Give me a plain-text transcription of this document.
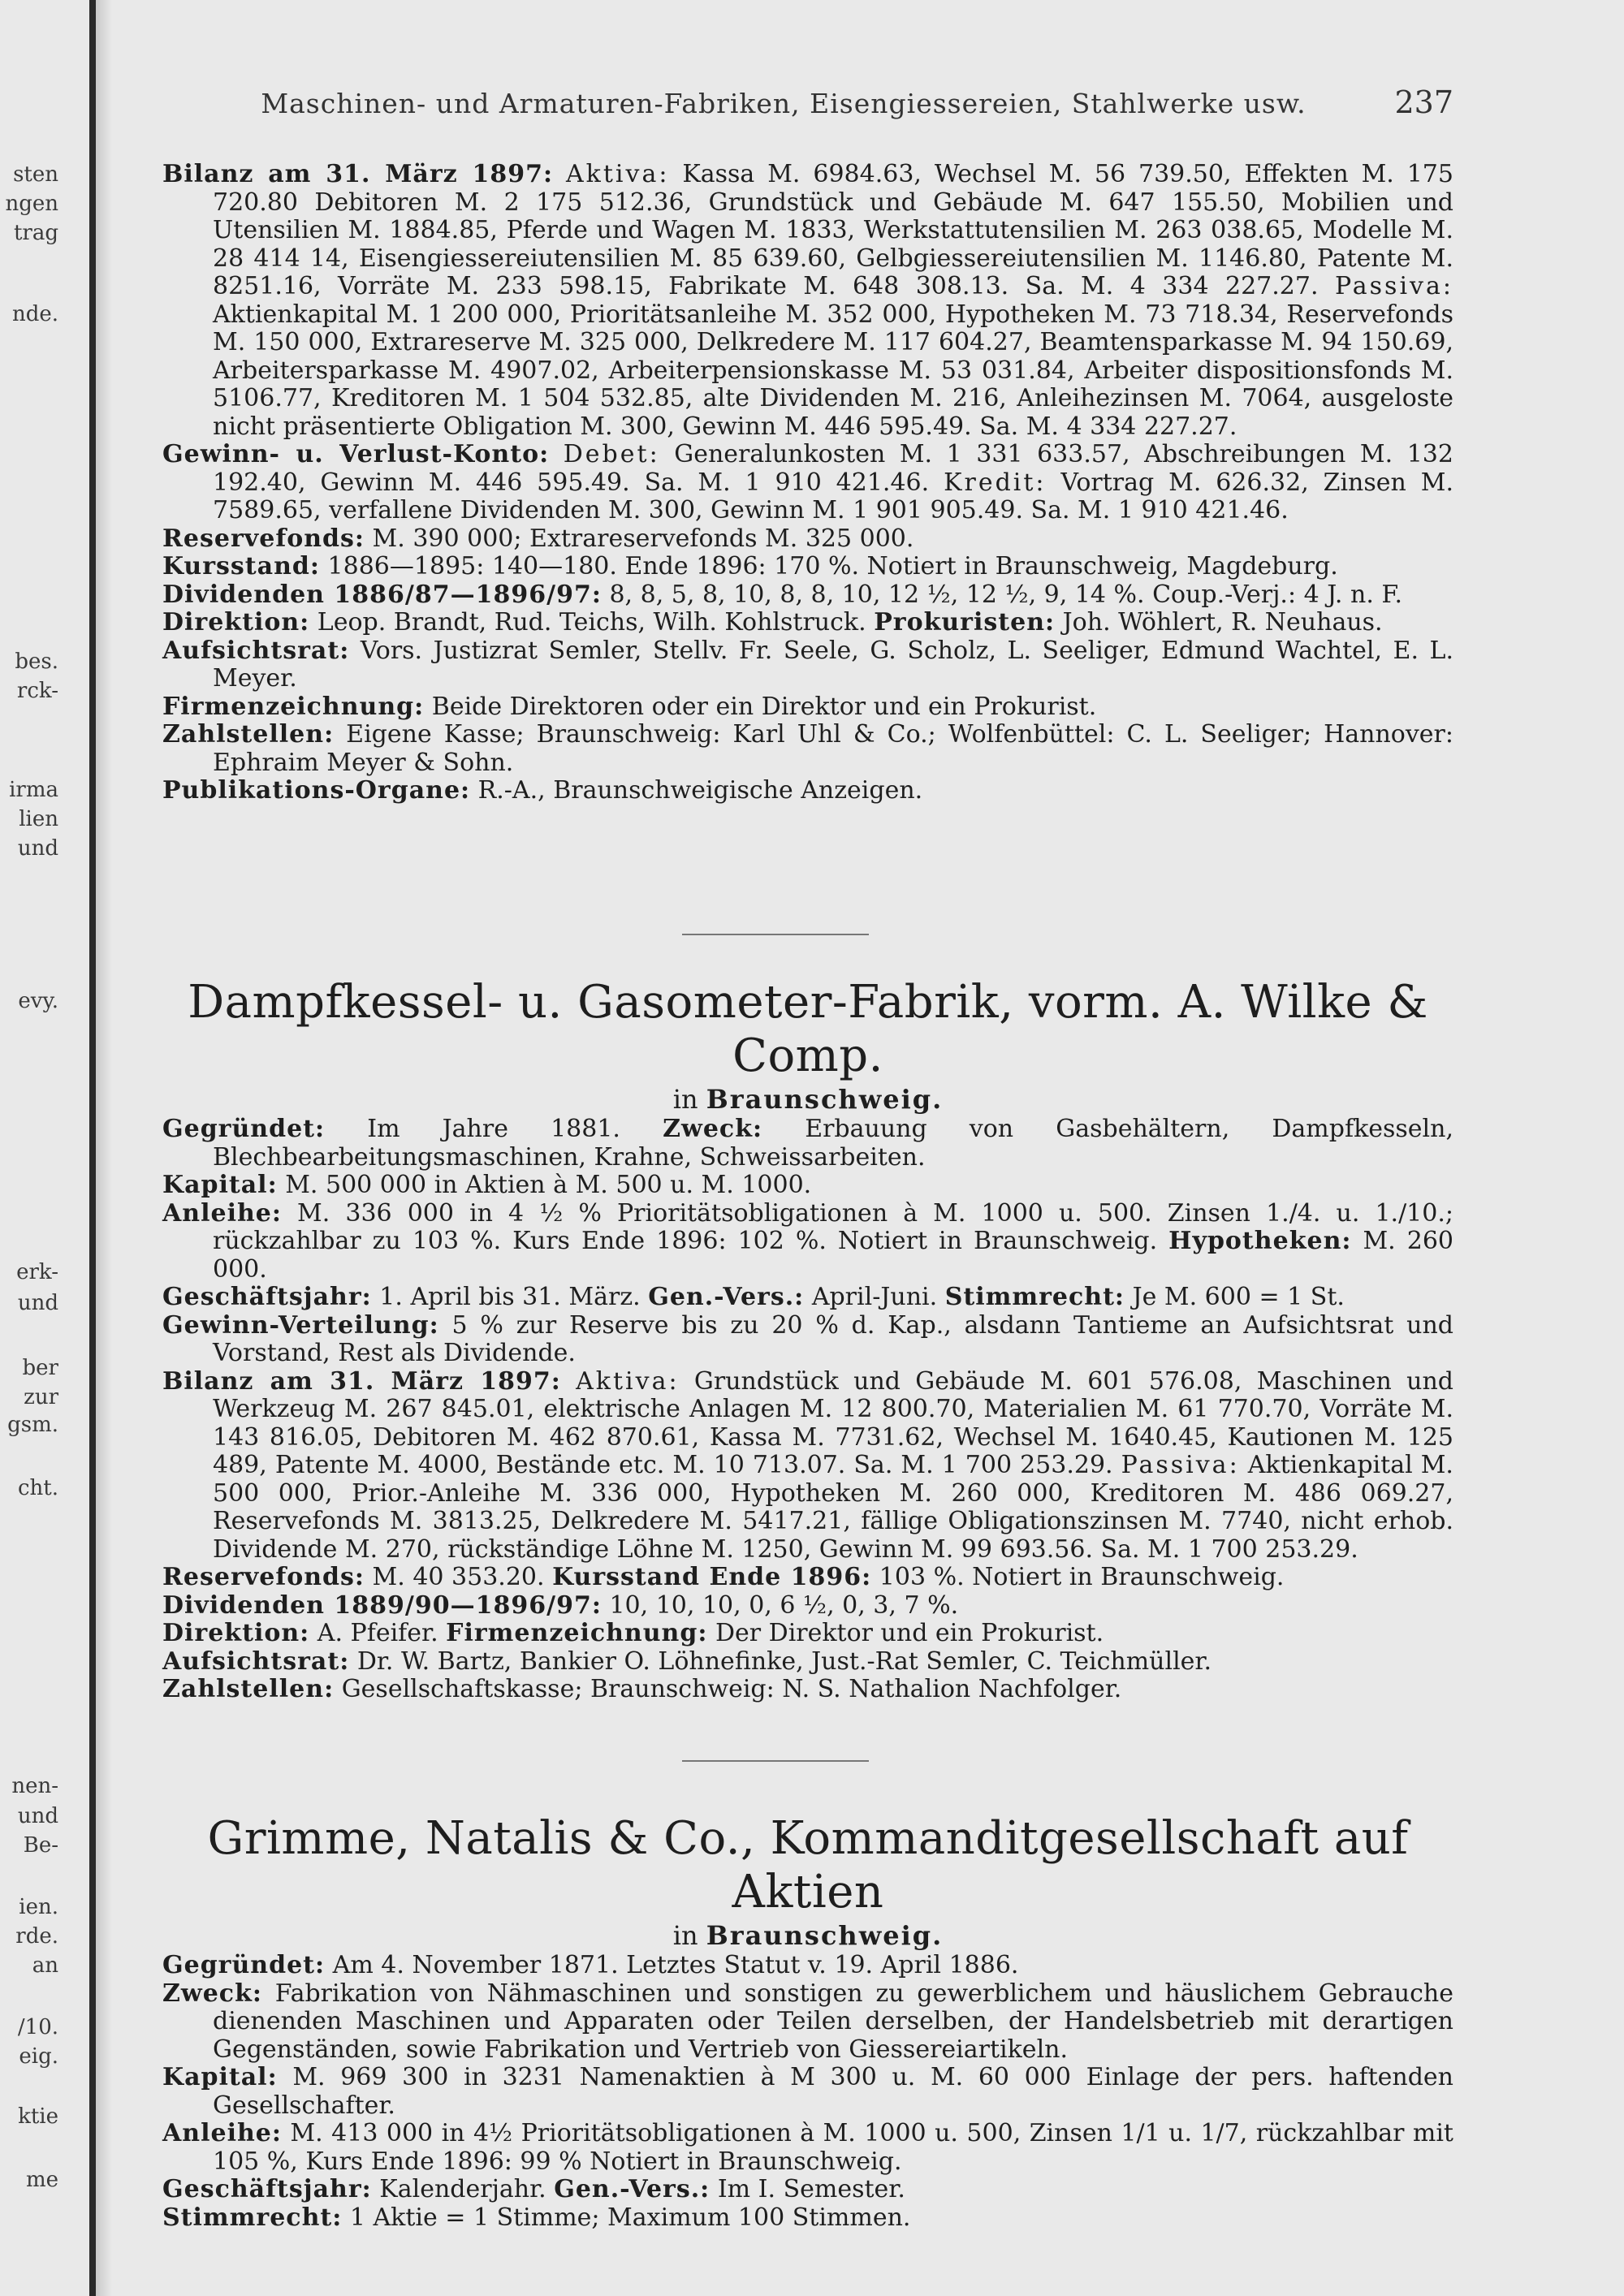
sten
ngen
trag
nde.
bes.
rck-
irma
lien
und
evy.
erk-
und
ber
zur
gsm.
cht.
nen-
und
Be-
ien.
rde.
an
/10.
eig.
ktie
me
Maschinen- und Armaturen-Fabriken, Eisengiessereien, Stahlwerke usw.	237

Bilanz am 31. März 1897: Aktiva: Kassa M. 6984.63, Wechsel M. 56 739.50, Effekten M. 175 720.80 Debitoren M. 2 175 512.36, Grundstück und Gebäude M. 647 155.50, Mobilien und Utensilien M. 1884.85, Pferde und Wagen M. 1833, Werkstattutensilien M. 263 038.65, Modelle M. 28 414 14, Eisengiessereiutensilien M. 85 639.60, Gelbgiessereiutensilien M. 1146.80, Patente M. 8251.16, Vorräte M. 233 598.15, Fabrikate M. 648 308.13. Sa. M. 4 334 227.27. Passiva: Aktienkapital M. 1 200 000, Prioritätsanleihe M. 352 000, Hypotheken M. 73 718.34, Reservefonds M. 150 000, Extrareserve M. 325 000, Delkredere M. 117 604.27, Beamtensparkasse M. 94 150.69, Arbeitersparkasse M. 4907.02, Arbeiterpensionskasse M. 53 031.84, Arbeiter dispositionsfonds M. 5106.77, Kreditoren M. 1 504 532.85, alte Dividenden M. 216, Anleihezinsen M. 7064, ausgeloste nicht präsentierte Obligation M. 300, Gewinn M. 446 595.49. Sa. M. 4 334 227.27.

Gewinn- u. Verlust-Konto: Debet: Generalunkosten M. 1 331 633.57, Abschreibungen M. 132 192.40, Gewinn M. 446 595.49. Sa. M. 1 910 421.46. Kredit: Vortrag M. 626.32, Zinsen M. 7589.65, verfallene Dividenden M. 300, Gewinn M. 1 901 905.49. Sa. M. 1 910 421.46.

Reservefonds: M. 390 000; Extrareservefonds M. 325 000.

Kursstand: 1886—1895: 140—180. Ende 1896: 170 %. Notiert in Braunschweig, Magdeburg.

Dividenden 1886/87—1896/97: 8, 8, 5, 8, 10, 8, 8, 10, 12 ½, 12 ½, 9, 14 %. Coup.-Verj.: 4 J. n. F.

Direktion: Leop. Brandt, Rud. Teichs, Wilh. Kohlstruck. Prokuristen: Joh. Wöhlert, R. Neuhaus.

Aufsichtsrat: Vors. Justizrat Semler, Stellv. Fr. Seele, G. Scholz, L. Seeliger, Edmund Wachtel, E. L. Meyer.

Firmenzeichnung: Beide Direktoren oder ein Direktor und ein Prokurist.

Zahlstellen: Eigene Kasse; Braunschweig: Karl Uhl & Co.; Wolfenbüttel: C. L. Seeliger; Hannover: Ephraim Meyer & Sohn.

Publikations-Organe: R.-A., Braunschweigische Anzeigen.

Dampfkessel- u. Gasometer-Fabrik, vorm. A. Wilke & Comp.

in Braunschweig.

Gegründet: Im Jahre 1881. Zweck: Erbauung von Gasbehältern, Dampfkesseln, Blechbearbeitungsmaschinen, Krahne, Schweissarbeiten.

Kapital: M. 500 000 in Aktien à M. 500 u. M. 1000.

Anleihe: M. 336 000 in 4 ½ % Prioritätsobligationen à M. 1000 u. 500. Zinsen 1./4. u. 1./10.; rückzahlbar zu 103 %. Kurs Ende 1896: 102 %. Notiert in Braunschweig. Hypotheken: M. 260 000.

Geschäftsjahr: 1. April bis 31. März. Gen.-Vers.: April-Juni. Stimmrecht: Je M. 600 = 1 St.

Gewinn-Verteilung: 5 % zur Reserve bis zu 20 % d. Kap., alsdann Tantieme an Aufsichtsrat und Vorstand, Rest als Dividende.

Bilanz am 31. März 1897: Aktiva: Grundstück und Gebäude M. 601 576.08, Maschinen und Werkzeug M. 267 845.01, elektrische Anlagen M. 12 800.70, Materialien M. 61 770.70, Vorräte M. 143 816.05, Debitoren M. 462 870.61, Kassa M. 7731.62, Wechsel M. 1640.45, Kautionen M. 125 489, Patente M. 4000, Bestände etc. M. 10 713.07. Sa. M. 1 700 253.29. Passiva: Aktienkapital M. 500 000, Prior.-Anleihe M. 336 000, Hypotheken M. 260 000, Kreditoren M. 486 069.27, Reservefonds M. 3813.25, Delkredere M. 5417.21, fällige Obligationszinsen M. 7740, nicht erhob. Dividende M. 270, rückständige Löhne M. 1250, Gewinn M. 99 693.56. Sa. M. 1 700 253.29.

Reservefonds: M. 40 353.20. Kursstand Ende 1896: 103 %. Notiert in Braunschweig.

Dividenden 1889/90—1896/97: 10, 10, 10, 0, 6 ½, 0, 3, 7 %.

Direktion: A. Pfeifer. Firmenzeichnung: Der Direktor und ein Prokurist.

Aufsichtsrat: Dr. W. Bartz, Bankier O. Löhnefinke, Just.-Rat Semler, C. Teichmüller.

Zahlstellen: Gesellschaftskasse; Braunschweig: N. S. Nathalion Nachfolger.

Grimme, Natalis & Co., Kommanditgesellschaft auf Aktien

in Braunschweig.

Gegründet: Am 4. November 1871. Letztes Statut v. 19. April 1886.

Zweck: Fabrikation von Nähmaschinen und sonstigen zu gewerblichem und häuslichem Gebrauche dienenden Maschinen und Apparaten oder Teilen derselben, der Handelsbetrieb mit derartigen Gegenständen, sowie Fabrikation und Vertrieb von Giessereiartikeln.

Kapital: M. 969 300 in 3231 Namenaktien à M 300 u. M. 60 000 Einlage der pers. haftenden Gesellschafter.

Anleihe: M. 413 000 in 4½ Prioritätsobligationen à M. 1000 u. 500, Zinsen 1/1 u. 1/7, rückzahlbar mit 105 %, Kurs Ende 1896: 99 % Notiert in Braunschweig.

Geschäftsjahr: Kalenderjahr. Gen.-Vers.: Im I. Semester.

Stimmrecht: 1 Aktie = 1 Stimme; Maximum 100 Stimmen.
